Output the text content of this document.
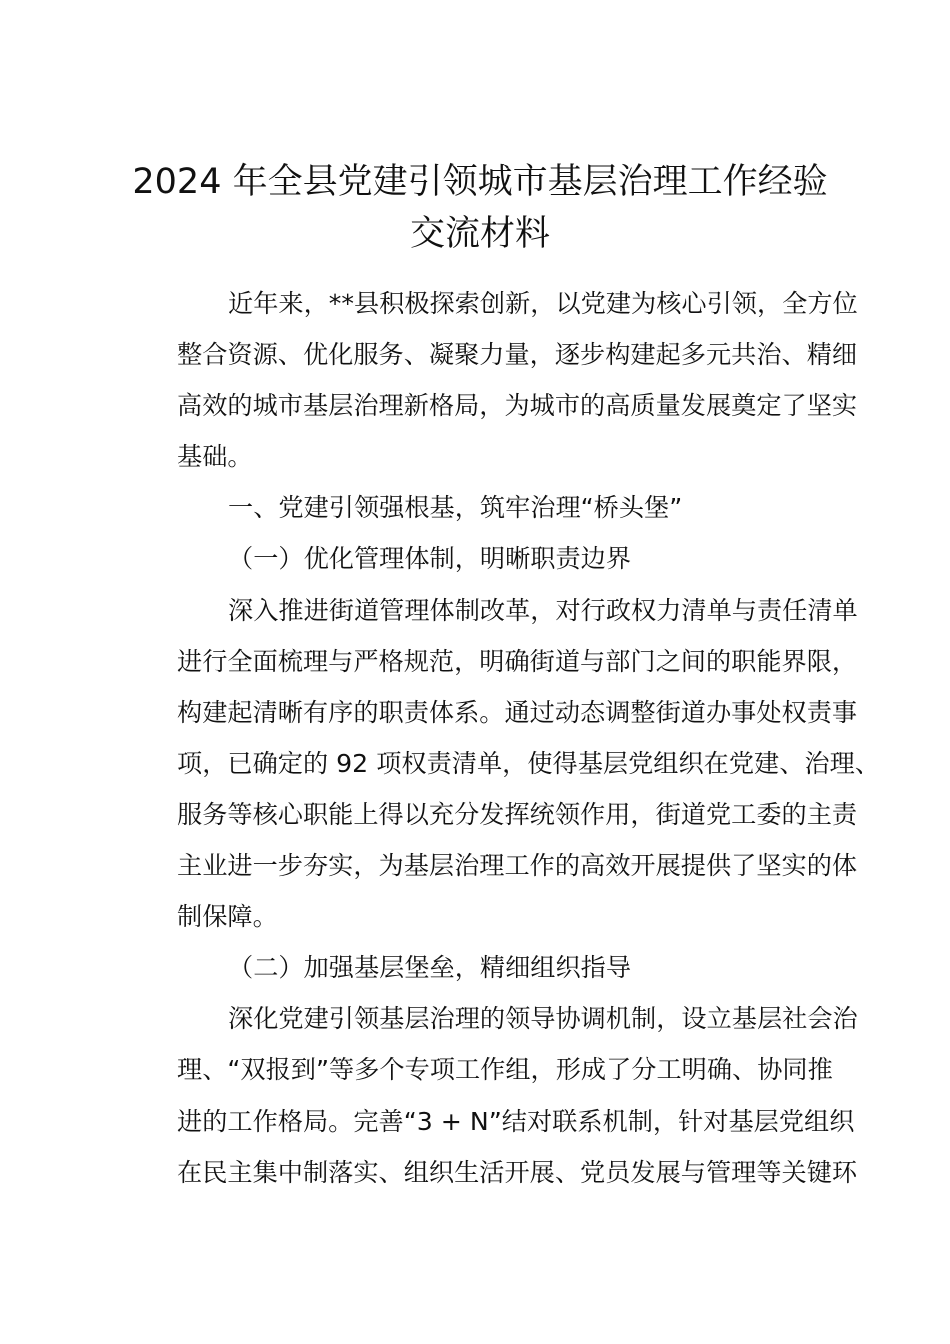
2024 年全县党建引领城市基层治理工作经验
交流材料

近年来，**县积极探索创新，以党建为核心引领，全方位
整合资源、优化服务、凝聚力量，逐步构建起多元共治、精细
高效的城市基层治理新格局，为城市的高质量发展奠定了坚实
基础。

一、党建引领强根基，筑牢治理“桥头堡”

（一）优化管理体制，明晰职责边界

深入推进街道管理体制改革，对行政权力清单与责任清单
进行全面梳理与严格规范，明确街道与部门之间的职能界限，
构建起清晰有序的职责体系。通过动态调整街道办事处权责事
项，已确定的 92 项权责清单，使得基层党组织在党建、治理、
服务等核心职能上得以充分发挥统领作用，街道党工委的主责
主业进一步夯实，为基层治理工作的高效开展提供了坚实的体
制保障。

（二）加强基层堡垒，精细组织指导

深化党建引领基层治理的领导协调机制，设立基层社会治
理、“双报到”等多个专项工作组，形成了分工明确、协同推
进的工作格局。完善“3 + N”结对联系机制，针对基层党组织
在民主集中制落实、组织生活开展、党员发展与管理等关键环
